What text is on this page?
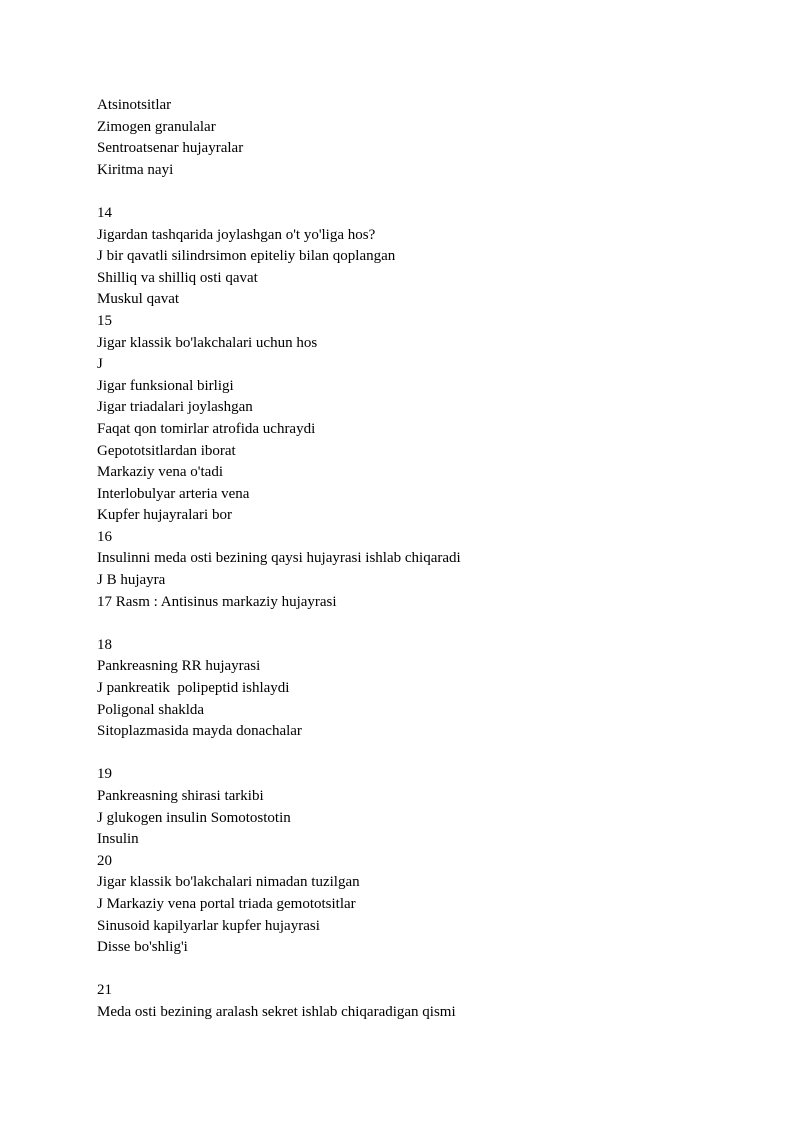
Atsinotsitlar
Zimogen granulalar
Sentroatsenar hujayralar
Kiritma nayi
14
Jigardan tashqarida joylashgan o't yo'liga hos?
J bir qavatli silindrsimon epiteliy bilan qoplangan
Shilliq va shilliq osti qavat
Muskul qavat
15
Jigar klassik bo'lakchalari uchun hos
J
Jigar funksional birligi
Jigar triadalari joylashgan
Faqat qon tomirlar atrofida uchraydi
Gepototsitlardan iborat
Markaziy vena o'tadi
Interlobulyar arteria vena
Kupfer hujayralari bor
16
Insulinni meda osti bezining qaysi hujayrasi ishlab chiqaradi
J B hujayra
17 Rasm : Antisinus markaziy hujayrasi
18
Pankreasning RR hujayrasi
J pankreatik  polipeptid ishlaydi
Poligonal shaklda
Sitoplazmasida mayda donachalar
19
Pankreasning shirasi tarkibi
J glukogen insulin Somotostotin
Insulin
20
Jigar klassik bo'lakchalari nimadan tuzilgan
J Markaziy vena portal triada gemototsitlar
Sinusoid kapilyarlar kupfer hujayrasi
Disse bo'shlig'i
21
Meda osti bezining aralash sekret ishlab chiqaradigan qismi
